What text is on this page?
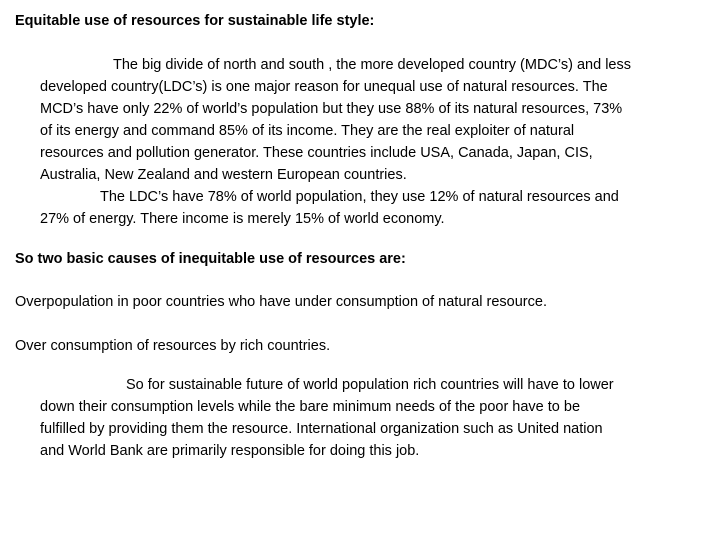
Equitable use of resources for sustainable life style:
The big divide of north and south , the more developed country (MDC’s) and less
developed country(LDC’s) is one major reason for unequal use of natural resources. The
MCD’s have only 22% of world’s population but they use 88% of its natural resources, 73%
of its energy and command 85% of its income. They are the real exploiter of natural
resources and pollution generator. These countries include USA, Canada, Japan, CIS,
Australia, New Zealand and western European countries.
The LDC’s have 78% of world population, they use 12% of natural resources and
27% of energy. There income is merely 15% of world economy.
So two basic causes of inequitable use of resources are:
Overpopulation in poor countries who have under consumption of natural resource.
Over consumption of resources by rich countries.
So for sustainable future of world population rich countries will have to lower
down their consumption levels while the bare minimum needs of the poor have to be
fulfilled by providing them the resource. International organization such as United nation
and World Bank are primarily responsible for doing this job.
